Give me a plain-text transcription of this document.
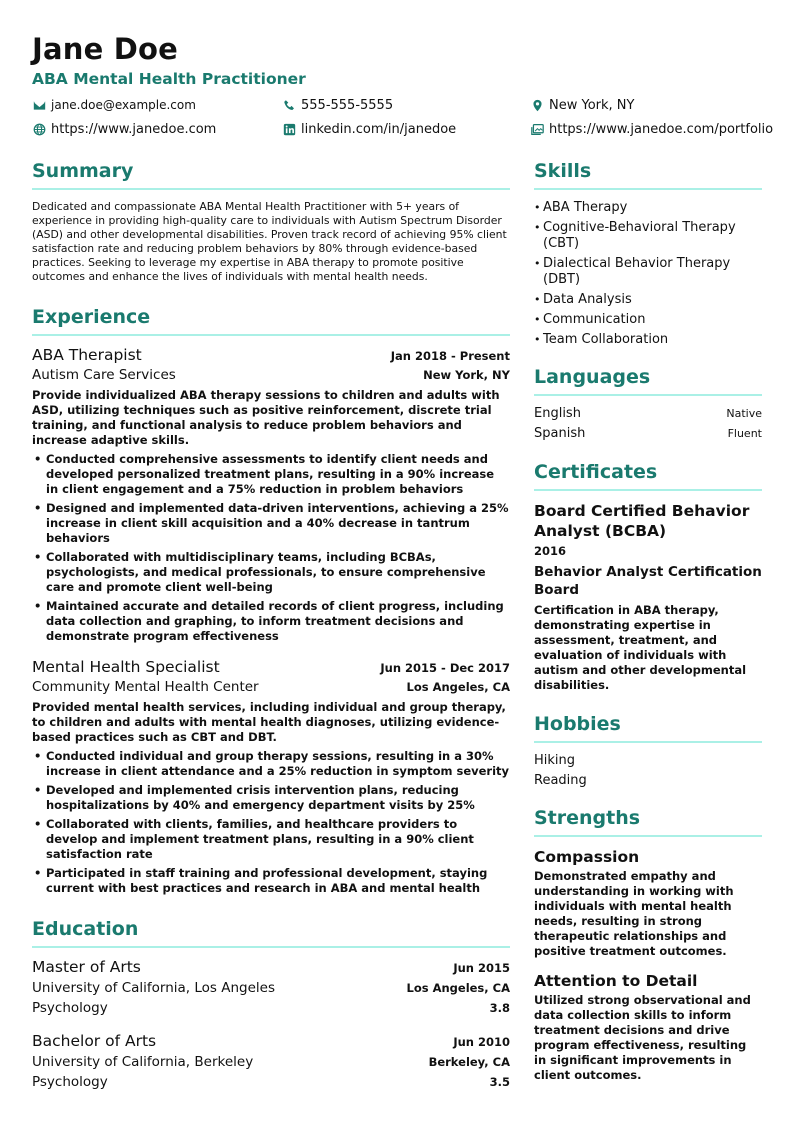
Jane Doe
ABA Mental Health Practitioner
jane.doe@example.com	555-555-5555	New York, NY
https://www.janedoe.com	linkedin.com/in/janedoe	https://www.janedoe.com/portfolio
Summary
Dedicated and compassionate ABA Mental Health Practitioner with 5+ years of experience in providing high-quality care to individuals with Autism Spectrum Disorder (ASD) and other developmental disabilities. Proven track record of achieving 95% client satisfaction rate and reducing problem behaviors by 80% through evidence-based practices. Seeking to leverage my expertise in ABA therapy to promote positive outcomes and enhance the lives of individuals with mental health needs.
Experience
ABA Therapist	Jan 2018 - Present
Autism Care Services	New York, NY
Provide individualized ABA therapy sessions to children and adults with ASD, utilizing techniques such as positive reinforcement, discrete trial training, and functional analysis to reduce problem behaviors and increase adaptive skills.
• Conducted comprehensive assessments to identify client needs and developed personalized treatment plans, resulting in a 90% increase in client engagement and a 75% reduction in problem behaviors
• Designed and implemented data-driven interventions, achieving a 25% increase in client skill acquisition and a 40% decrease in tantrum behaviors
• Collaborated with multidisciplinary teams, including BCBAs, psychologists, and medical professionals, to ensure comprehensive care and promote client well-being
• Maintained accurate and detailed records of client progress, including data collection and graphing, to inform treatment decisions and demonstrate program effectiveness
Mental Health Specialist	Jun 2015 - Dec 2017
Community Mental Health Center	Los Angeles, CA
Provided mental health services, including individual and group therapy, to children and adults with mental health diagnoses, utilizing evidence-based practices such as CBT and DBT.
• Conducted individual and group therapy sessions, resulting in a 30% increase in client attendance and a 25% reduction in symptom severity
• Developed and implemented crisis intervention plans, reducing hospitalizations by 40% and emergency department visits by 25%
• Collaborated with clients, families, and healthcare providers to develop and implement treatment plans, resulting in a 90% client satisfaction rate
• Participated in staff training and professional development, staying current with best practices and research in ABA and mental health
Education
Master of Arts	Jun 2015
University of California, Los Angeles	Los Angeles, CA
Psychology	3.8
Bachelor of Arts	Jun 2010
University of California, Berkeley	Berkeley, CA
Psychology	3.5
Skills
• ABA Therapy
• Cognitive-Behavioral Therapy (CBT)
• Dialectical Behavior Therapy (DBT)
• Data Analysis
• Communication
• Team Collaboration
Languages
English	Native
Spanish	Fluent
Certificates
Board Certified Behavior Analyst (BCBA)
2016
Behavior Analyst Certification Board
Certification in ABA therapy, demonstrating expertise in assessment, treatment, and evaluation of individuals with autism and other developmental disabilities.
Hobbies
Hiking
Reading
Strengths
Compassion
Demonstrated empathy and understanding in working with individuals with mental health needs, resulting in strong therapeutic relationships and positive treatment outcomes.
Attention to Detail
Utilized strong observational and data collection skills to inform treatment decisions and drive program effectiveness, resulting in significant improvements in client outcomes.
